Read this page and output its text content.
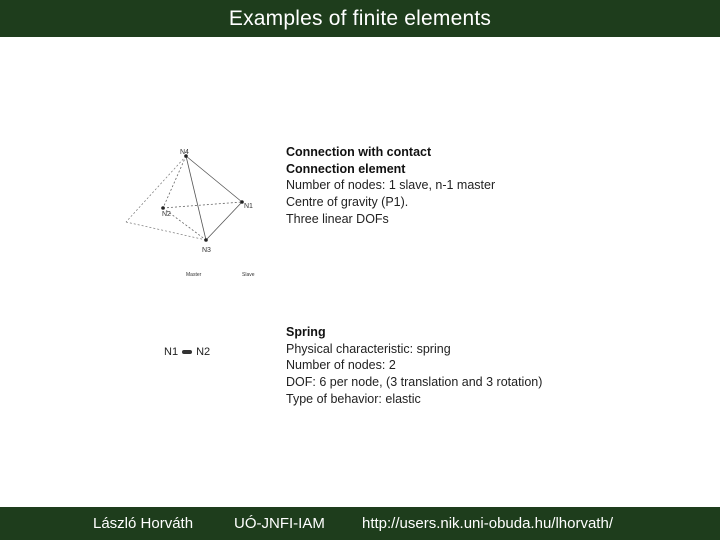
Examples of finite elements
N4
N1
N2
N3
Master	Slave
Connection with contact
Connection element
Number of nodes: 1 slave, n-1 master
Centre of gravity (P1).
Three linear DOFs
N1 N2
Spring
Physical characteristic: spring
Number of nodes: 2
DOF: 6 per node, (3 translation and 3 rotation)
Type of behavior: elastic
László Horváth	UÓ-JNFI-IAM http://users.nik.uni-obuda.hu/lhorvath/
